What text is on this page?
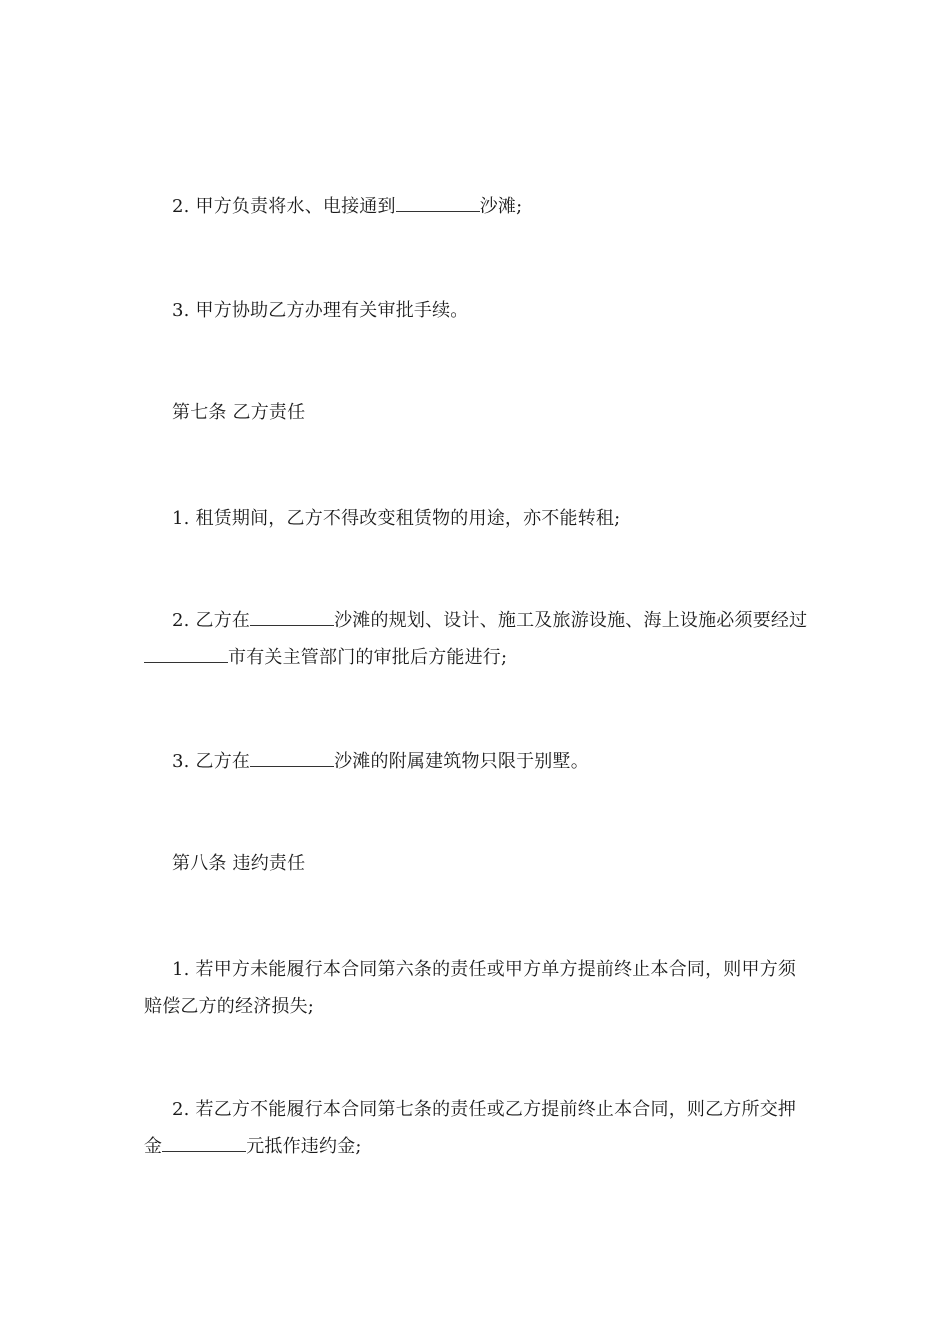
2. 甲方负责将水、电接通到	沙滩;

3. 甲方协助乙方办理有关审批手续。

第七条 乙方责任

1. 租赁期间，乙方不得改变租赁物的用途，亦不能转租;

2. 乙方在	沙滩的规划、设计、施工及旅游设施、海上设施必须要经过市有关主管部门的审批后方能进行;

3. 乙方在	沙滩的附属建筑物只限于别墅。

第八条 违约责任

1. 若甲方未能履行本合同第六条的责任或甲方单方提前终止本合同，则甲方须赔偿乙方的经济损失;

2. 若乙方不能履行本合同第七条的责任或乙方提前终止本合同，则乙方所交押金	元抵作违约金;
